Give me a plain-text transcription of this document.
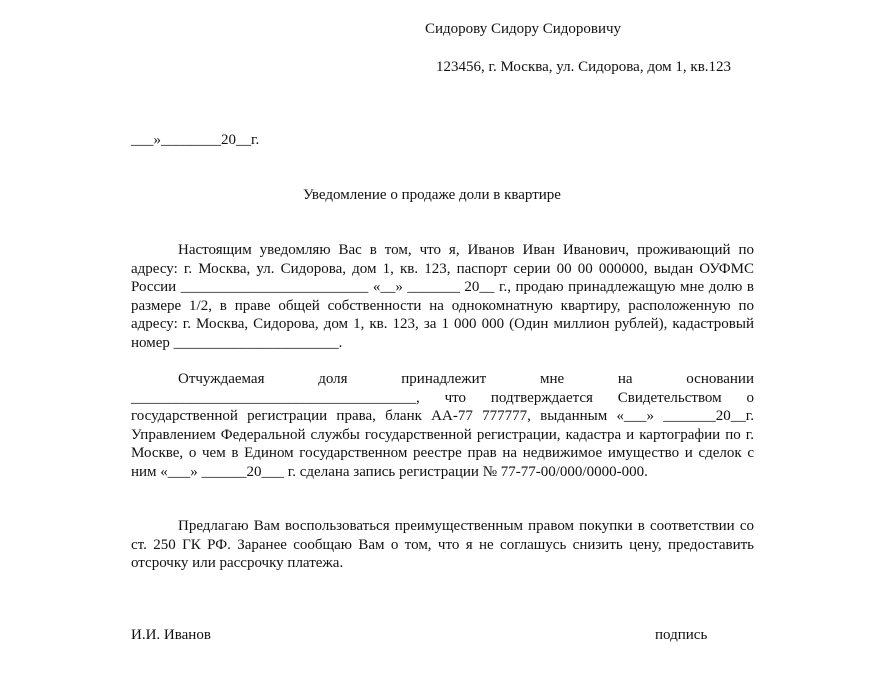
Сидорову Сидору Сидоровичу
123456, г. Москва, ул. Сидорова, дом 1, кв.123
___»________20__г.
Уведомление о продаже доли в квартире

Настоящим уведомляю Вас в том, что я, Иванов Иван Иванович, проживающий по адресу: г. Москва, ул. Сидорова, дом 1, кв. 123, паспорт серии 00 00 000000, выдан ОУФМС России _________________________ «__» _______ 20__ г., продаю принадлежащую мне долю в размере 1/2, в праве общей собственности на однокомнатную квартиру, расположенную по адресу: г. Москва, Сидорова, дом 1, кв. 123, за 1 000 000 (Один миллион рублей), кадастровый номер ______________________.

Отчуждаемая доля принадлежит мне на основании ______________________________________, что подтверждается Свидетельством о государственной регистрации права, бланк АА-77 777777, выданным «___» _______20__г. Управлением Федеральной службы государственной регистрации, кадастра и картографии по г. Москве, о чем в Едином государственном реестре прав на недвижимое имущество и сделок с ним «___» ______20___ г. сделана запись регистрации № 77-77-00/000/0000-000.

Предлагаю Вам воспользоваться преимущественным правом покупки в соответствии со ст. 250 ГК РФ. Заранее сообщаю Вам о том, что я не соглашусь снизить цену, предоставить отсрочку или рассрочку платежа.

И.И. Иванов	подпись
